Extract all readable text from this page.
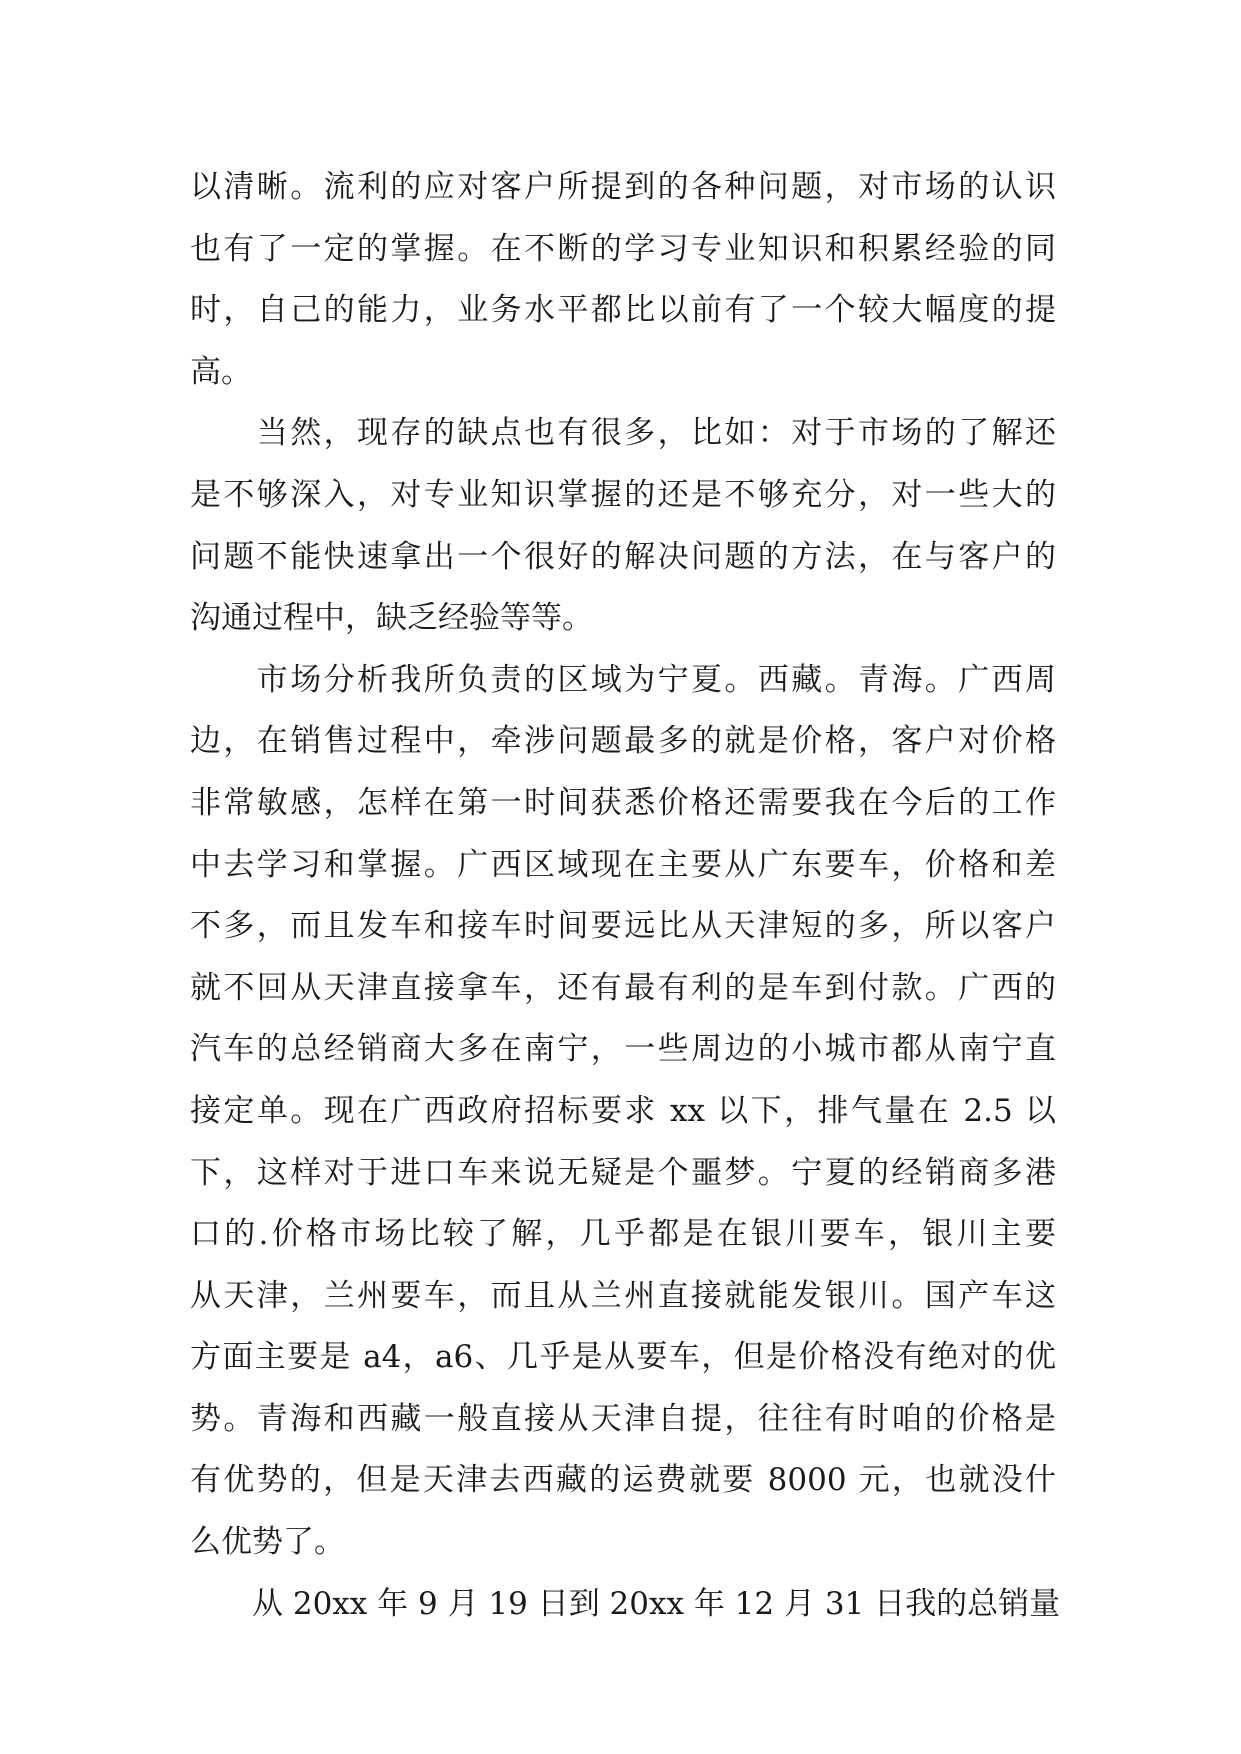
以清晰。流利的应对客户所提到的各种问题，对市场的认识
也有了一定的掌握。在不断的学习专业知识和积累经验的同
时，自己的能力，业务水平都比以前有了一个较大幅度的提
高。
　　当然，现存的缺点也有很多，比如：对于市场的了解还
是不够深入，对专业知识掌握的还是不够充分，对一些大的
问题不能快速拿出一个很好的解决问题的方法，在与客户的
沟通过程中，缺乏经验等等。
　　市场分析我所负责的区域为宁夏。西藏。青海。广西周
边，在销售过程中，牵涉问题最多的就是价格，客户对价格
非常敏感，怎样在第一时间获悉价格还需要我在今后的工作
中去学习和掌握。广西区域现在主要从广东要车，价格和差
不多，而且发车和接车时间要远比从天津短的多，所以客户
就不回从天津直接拿车，还有最有利的是车到付款。广西的
汽车的总经销商大多在南宁，一些周边的小城市都从南宁直
接定单。现在广西政府招标要求 xx 以下，排气量在 2.5 以
下，这样对于进口车来说无疑是个噩梦。宁夏的经销商多港
口的.价格市场比较了解，几乎都是在银川要车，银川主要
从天津，兰州要车，而且从兰州直接就能发银川。国产车这
方面主要是 a4，a6、几乎是从要车，但是价格没有绝对的优
势。青海和西藏一般直接从天津自提，往往有时咱的价格是
有优势的，但是天津去西藏的运费就要 8000 元，也就没什
么优势了。
　　从 20xx 年 9 月 19 日到 20xx 年 12 月 31 日我的总销量
